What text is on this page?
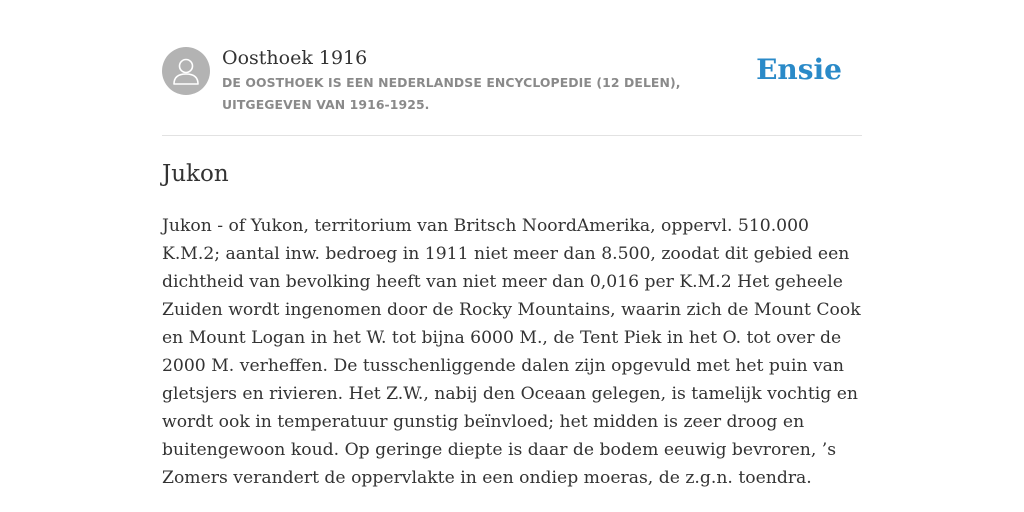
Oosthoek 1916
DE OOSTHOEK IS EEN NEDERLANDSE ENCYCLOPEDIE (12 DELEN), UITGEGEVEN VAN 1916-1925.
Ensie
Jukon

Jukon - of Yukon, territorium van Britsch NoordAmerika, oppervl. 510.000 K.M.2; aantal inw. bedroeg in 1911 niet meer dan 8.500, zoodat dit gebied een dichtheid van bevolking heeft van niet meer dan 0,016 per K.M.2 Het geheele Zuiden wordt ingenomen door de Rocky Mountains, waarin zich de Mount Cook en Mount Logan in het W. tot bijna 6000 M., de Tent Piek in het O. tot over de 2000 M. verheffen. De tusschenliggende dalen zijn opgevuld met het puin van gletsjers en rivieren. Het Z.W., nabij den Oceaan gelegen, is tamelijk vochtig en wordt ook in temperatuur gunstig beïnvloed; het midden is zeer droog en buitengewoon koud. Op geringe diepte is daar de bodem eeuwig bevroren, ’s Zomers verandert de oppervlakte in een ondiep moeras, de z.g.n. toendra.
